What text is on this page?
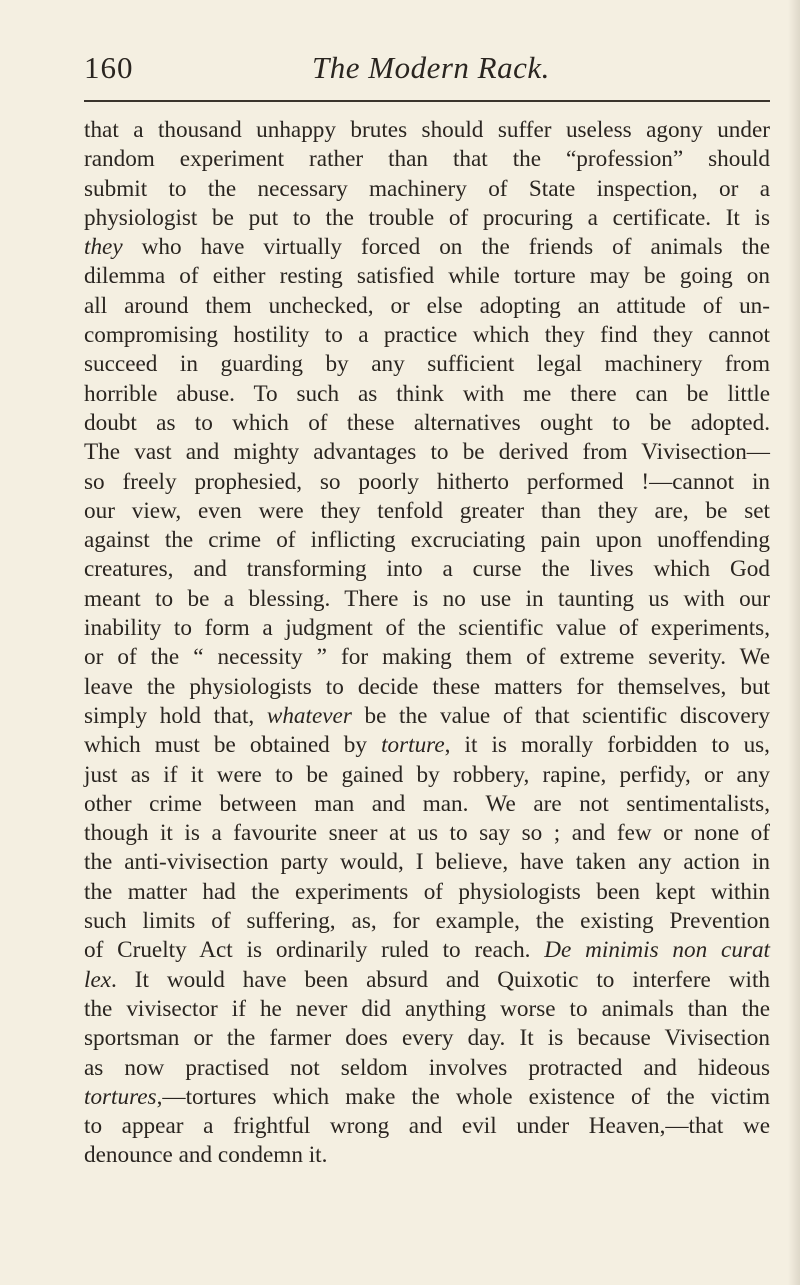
160	The Modern Rack.
that a thousand unhappy brutes should suffer useless agony under
random experiment rather than that the “profession” should
submit to the necessary machinery of State inspection, or a
physiologist be put to the trouble of procuring a certificate. It is
they who have virtually forced on the friends of animals the
dilemma of either resting satisfied while torture may be going on
all around them unchecked, or else adopting an attitude of un-
compromising hostility to a practice which they find they cannot
succeed in guarding by any sufficient legal machinery from
horrible abuse. To such as think with me there can be little
doubt as to which of these alternatives ought to be adopted.
The vast and mighty advantages to be derived from Vivisection—
so freely prophesied, so poorly hitherto performed !—cannot in
our view, even were they tenfold greater than they are, be set
against the crime of inflicting excruciating pain upon unoffending
creatures, and transforming into a curse the lives which God
meant to be a blessing. There is no use in taunting us with our
inability to form a judgment of the scientific value of experiments,
or of the “ necessity ” for making them of extreme severity. We
leave the physiologists to decide these matters for themselves, but
simply hold that, whatever be the value of that scientific discovery
which must be obtained by torture, it is morally forbidden to us,
just as if it were to be gained by robbery, rapine, perfidy, or any
other crime between man and man. We are not sentimentalists,
though it is a favourite sneer at us to say so ; and few or none of
the anti-vivisection party would, I believe, have taken any action in
the matter had the experiments of physiologists been kept within
such limits of suffering, as, for example, the existing Prevention
of Cruelty Act is ordinarily ruled to reach. De minimis non curat
lex. It would have been absurd and Quixotic to interfere with
the vivisector if he never did anything worse to animals than the
sportsman or the farmer does every day. It is because Vivisection
as now practised not seldom involves protracted and hideous
tortures,—tortures which make the whole existence of the victim
to appear a frightful wrong and evil under Heaven,—that we
denounce and condemn it.
